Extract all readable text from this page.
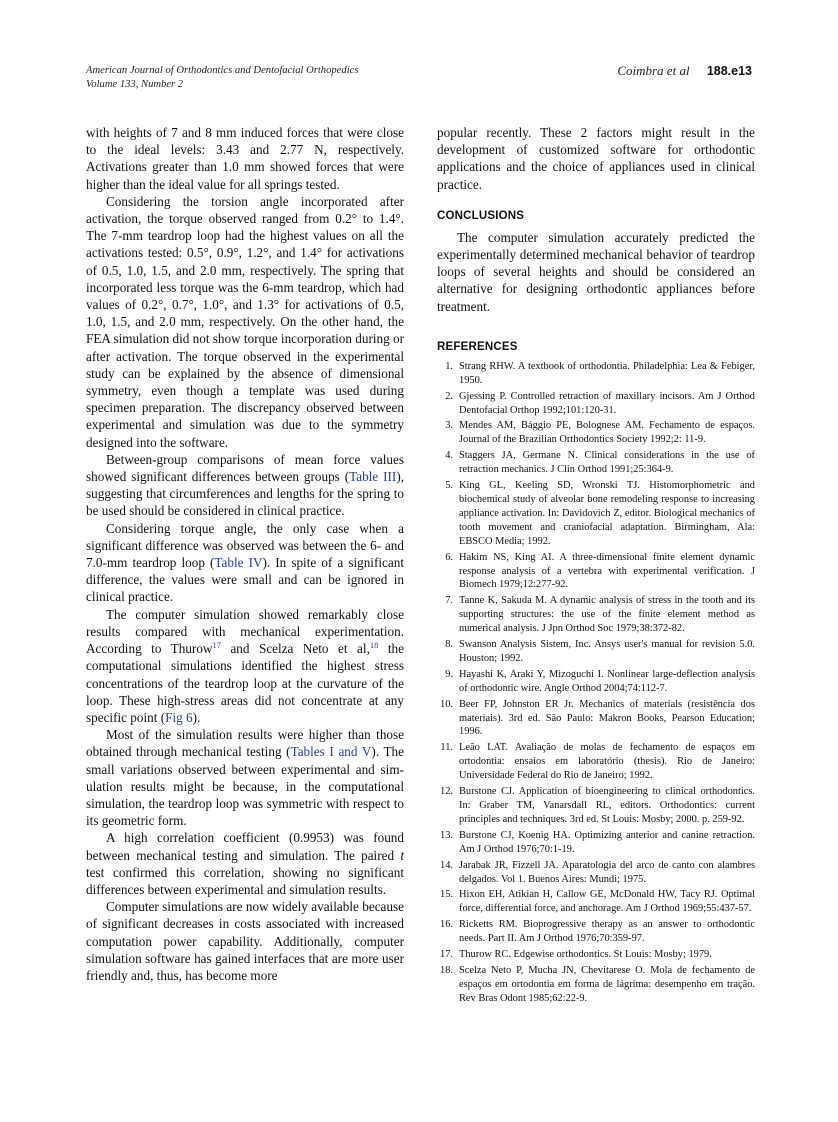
American Journal of Orthodontics and Dentofacial Orthopedics
Volume 133, Number 2
Coimbra et al 188.e13

with heights of 7 and 8 mm induced forces that were close to the ideal levels: 3.43 and 2.77 N, respectively. Activations greater than 1.0 mm showed forces that were higher than the ideal value for all springs tested.

Considering the torsion angle incorporated after activation, the torque observed ranged from 0.2° to 1.4°. The 7-mm teardrop loop had the highest values on all the activations tested: 0.5°, 0.9°, 1.2°, and 1.4° for activations of 0.5, 1.0, 1.5, and 2.0 mm, respectively. The spring that incorporated less torque was the 6-mm teardrop, which had values of 0.2°, 0.7°, 1.0°, and 1.3° for activations of 0.5, 1.0, 1.5, and 2.0 mm, respectively. On the other hand, the FEA simulation did not show torque incorporation during or after activation. The torque observed in the experimental study can be explained by the absence of dimensional symmetry, even though a template was used during specimen preparation. The discrepancy observed between experimental and simulation was due to the symmetry designed into the software.

Between-group comparisons of mean force values showed significant differences between groups (Table III), suggesting that circumferences and lengths for the spring to be used should be considered in clinical practice.

Considering torque angle, the only case when a significant difference was observed was between the 6- and 7.0-mm teardrop loop (Table IV). In spite of a significant difference, the values were small and can be ignored in clinical practice.

The computer simulation showed remarkably close results compared with mechanical experimentation. According to Thurow$^{17}$ and Scelza Neto et al,$^{18}$ the computational simulations identified the highest stress concentrations of the teardrop loop at the curvature of the loop. These high-stress areas did not concentrate at any specific point (Fig 6).

Most of the simulation results were higher than those obtained through mechanical testing (Tables I and V). The small variations observed between experimental and simulation results might be because, in the computational simulation, the teardrop loop was symmetric with respect to its geometric form.

A high correlation coefficient (0.9953) was found between mechanical testing and simulation. The paired t test confirmed this correlation, showing no significant differences between experimental and simulation results.

Computer simulations are now widely available because of significant decreases in costs associated with increased computation power capability. Additionally, computer simulation software has gained interfaces that are more user friendly and, thus, has become more

popular recently. These 2 factors might result in the development of customized software for orthodontic applications and the choice of appliances used in clinical practice.

CONCLUSIONS

The computer simulation accurately predicted the experimentally determined mechanical behavior of teardrop loops of several heights and should be considered an alternative for designing orthodontic appliances before treatment.

REFERENCES
1. Strang RHW. A textbook of orthodontia. Philadelphia: Lea & Febiger, 1950.
2. Gjessing P. Controlled retraction of maxillary incisors. Am J Orthod Dentofacial Orthop 1992;101:120-31.
3. Mendes AM, Bággio PE, Bolognese AM. Fechamento de espaços. Journal of the Brazilian Orthodontics Society 1992;2: 11-9.
4. Staggers JA, Germane N. Clinical considerations in the use of retraction mechanics. J Clin Orthod 1991;25:364-9.
5. King GL, Keeling SD, Wronski TJ. Histomorphometric and biochemical study of alveolar bone remodeling response to increasing appliance activation. In: Davidovich Z, editor. Biological mechanics of tooth movement and craniofacial adaptation. Birmingham, Ala: EBSCO Media; 1992.
6. Hakim NS, King AI. A three-dimensional finite element dynamic response analysis of a vertebra with experimental verification. J Biomech 1979;12:277-92.
7. Tanne K, Sakuda M. A dynamic analysis of stress in the tooth and its supporting structures: the use of the finite element method as numerical analysis. J Jpn Orthod Soc 1979;38:372-82.
8. Swanson Analysis Sistem, Inc. Ansys user's manual for revision 5.0. Houston; 1992.
9. Hayashi K, Araki Y, Mizoguchi I. Nonlinear large-deflection analysis of orthodontic wire. Angle Orthod 2004;74:112-7.
10. Beer FP, Johnston ER Jr. Mechanics of materials (resistência dos materiais). 3rd ed. São Paulo: Makron Books, Pearson Education; 1996.
11. Leão LAT. Avaliação de molas de fechamento de espaços em ortodontia: ensaios em laboratório (thesis). Rio de Janeiro: Universidade Federal do Rio de Janeiro; 1992.
12. Burstone CJ. Application of bioengineering to clinical orthodontics. In: Graber TM, Vanarsdall RL, editors. Orthodontics: current principles and techniques. 3rd ed. St Louis: Mosby; 2000. p. 259-92.
13. Burstone CJ, Koenig HA. Optimizing anterior and canine retraction. Am J Orthod 1976;70:1-19.
14. Jarabak JR, Fizzell JA. Aparatologia del arco de canto con alambres delgados. Vol 1. Buenos Aires: Mundi; 1975.
15. Hixon EH, Atikian H, Callow GE, McDonald HW, Tacy RJ. Optimal force, differential force, and anchorage. Am J Orthod 1969;55:437-57.
16. Ricketts RM. Bioprogressive therapy as an answer to orthodontic needs. Part II. Am J Orthod 1976;70:359-97.
17. Thurow RC. Edgewise orthodontics. St Louis: Mosby; 1979.
18. Scelza Neto P, Mucha JN, Chevitarese O. Mola de fechamento de espaços em ortodontia em forma de lágrima: desempenho em tração. Rev Bras Odont 1985;62:22-9.
